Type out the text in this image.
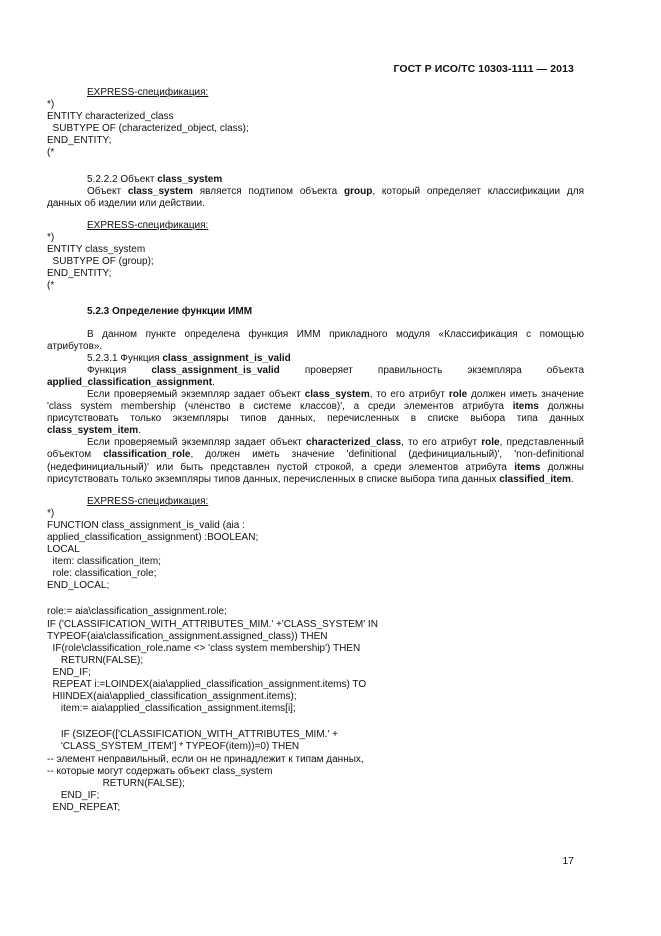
ГОСТ Р ИСО/ТС 10303-1111 — 2013
EXPRESS-спецификация:
*)
ENTITY characterized_class
SUBTYPE OF (characterized_object, class);
END_ENTITY;
(*
5.2.2.2 Объект class_system

Объект class_system является подтипом объекта group, который определяет классификации для данных об изделии или действии.

EXPRESS-спецификация:
*)
ENTITY class_system
SUBTYPE OF (group);
END_ENTITY;
(*
5.2.3 Определение функции ИММ

В данном пункте определена функция ИММ прикладного модуля «Классификация с помощью атрибутов».

5.2.3.1 Функция class_assignment_is_valid

Функция	class_assignment_is_valid	проверяет	правильность	экземпляра	объекта

applied_classification_assignment.

Если проверяемый экземпляр задает объект class_system, то его атрибут role должен иметь значение 'class system membership (членство в системе классов)', а среди элементов атрибута items должны присутствовать только экземпляры типов данных, перечисленных в списке выбора типа данных class_system_item.

Если проверяемый экземпляр задает объект characterized_class, то его атрибут role, представленный объектом classification_role, должен иметь значение 'definitional (дефинициальный)', 'non-definitional (недефинициальный)' или быть представлен пустой строкой, а среди элементов атрибута items должны присутствовать только экземпляры типов данных, перечисленных в списке выбора типа данных classified_item.

EXPRESS-спецификация:
*)
FUNCTION class_assignment_is_valid (aia :
applied_classification_assignment) :BOOLEAN;
LOCAL
item: classification_item;
role: classification_role;
END_LOCAL;
role:= aia\classification_assignment.role;
IF ('CLASSIFICATION_WITH_ATTRIBUTES_MIM.' +'CLASS_SYSTEM' IN
TYPEOF(aia\classification_assignment.assigned_class)) THEN
IF(role\classification_role.name <> 'class system membership') THEN
RETURN(FALSE);
END_IF;
REPEAT i:=LOINDEX(aia\applied_classification_assignment.items) TO
HIINDEX(aia\applied_classification_assignment.items);
item:= aia\applied_classification_assignment.items[i];
IF (SIZEOF(['CLASSIFICATION_WITH_ATTRIBUTES_MIM.' +
'CLASS_SYSTEM_ITEM'] * TYPEOF(item))=0) THEN
-- элемент неправильный, если он не принадлежит к типам данных,
-- которые могут содержать объект class_system
RETURN(FALSE);
END_IF;
END_REPEAT;
17
